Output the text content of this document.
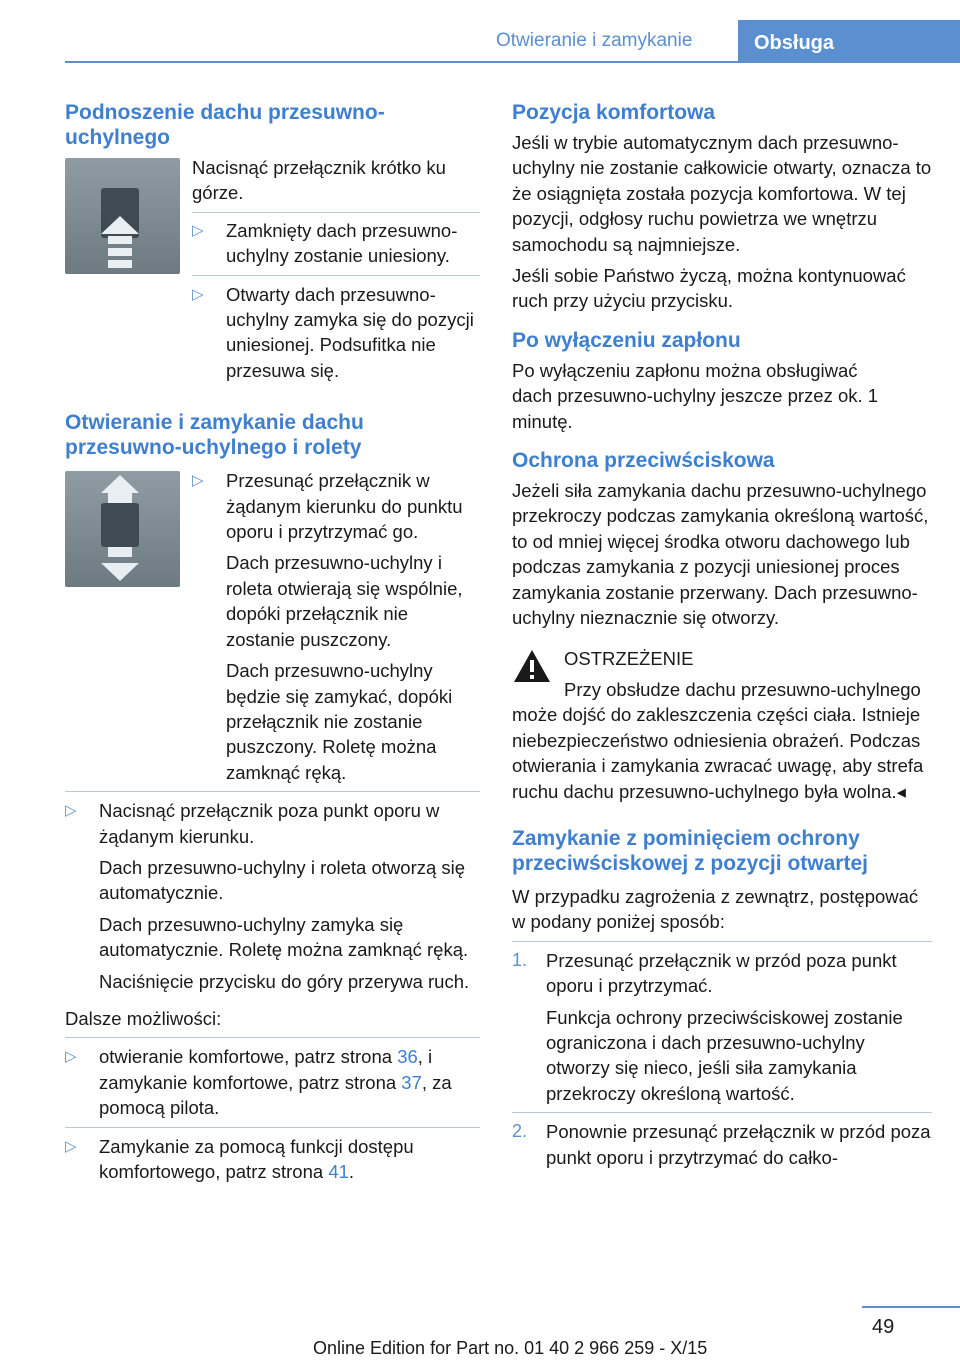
Otwieranie i zamykanie	Obsługa
Podnoszenie dachu przesuwno-uchylnego

Nacisnąć przełącznik krótko ku górze.

▷	Zamknięty dach przesuwno-uchylny zostanie uniesiony.

▷	Otwarty dach przesuwno-uchylny zamyka się do pozycji uniesionej. Podsufitka nie przesuwa się.

Otwieranie i zamykanie dachu przesuwno-uchylnego i rolety
▷	Przesunąć przełącznik w żądanym kierunku do punktu oporu i przytrzymać go.

Dach przesuwno-uchylny i roleta otwierają się wspólnie, dopóki przełącznik nie zostanie puszczony.

Dach przesuwno-uchylny będzie się zamykać, dopóki przełącznik nie zostanie puszczony. Roletę można zamknąć ręką.

▷	Nacisnąć przełącznik poza punkt oporu w żądanym kierunku.

Dach przesuwno-uchylny i roleta otworzą się automatycznie.

Dach przesuwno-uchylny zamyka się automatycznie. Roletę można zamknąć ręką.

Naciśnięcie przycisku do góry przerywa ruch.

Dalsze możliwości:

▷	otwieranie komfortowe, patrz strona 36, i zamykanie komfortowe, patrz strona 37, za pomocą pilota.

▷	Zamykanie za pomocą funkcji dostępu komfortowego, patrz strona 41.

Pozycja komfortowa

Jeśli w trybie automatycznym dach przesuwno-uchylny nie zostanie całkowicie otwarty, oznacza to że osiągnięta została pozycja komfortowa. W tej pozycji, odgłosy ruchu powietrza we wnętrzu samochodu są najmniejsze.

Jeśli sobie Państwo życzą, można kontynuować ruch przy użyciu przycisku.

Po wyłączeniu zapłonu

Po wyłączeniu zapłonu można obsługiwać dach przesuwno-uchylny jeszcze przez ok. 1 minutę.

Ochrona przeciwściskowa

Jeżeli siła zamykania dachu przesuwno-uchylnego przekroczy podczas zamykania określoną wartość, to od mniej więcej środka otworu dachowego lub podczas zamykania z pozycji uniesionej proces zamykania zostanie przerwany. Dach przesuwno-uchylny nieznacznie się otworzy.

OSTRZEŻENIE

Przy obsłudze dachu przesuwno-uchylnego może dojść do zakleszczenia części ciała. Istnieje niebezpieczeństwo odniesienia obrażeń. Podczas otwierania i zamykania zwracać uwagę, aby strefa ruchu dachu przesuwno-uchylnego była wolna.◂

Zamykanie z pominięciem ochrony przeciwściskowej z pozycji otwartej

W przypadku zagrożenia z zewnątrz, postępować w podany poniżej sposób:

1.	Przesunąć przełącznik w przód poza punkt oporu i przytrzymać.

Funkcja ochrony przeciwściskowej zostanie ograniczona i dach przesuwno-uchylny otworzy się nieco, jeśli siła zamykania przekroczy określoną wartość.

2.	Ponownie przesunąć przełącznik w przód poza punkt oporu i przytrzymać do całko-

49
Online Edition for Part no. 01 40 2 966 259 - X/15
